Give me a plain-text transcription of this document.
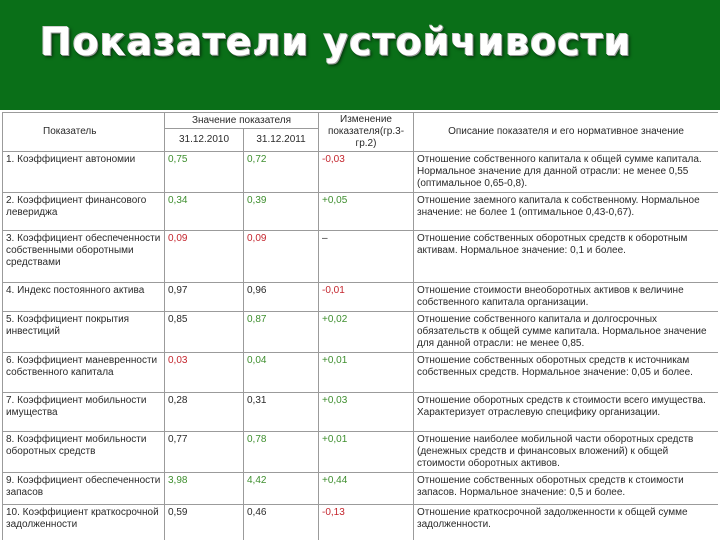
Показатели устойчивости
Показатель	Значение показателя		Изменение показателя(гр.3-гр.2)	Описание показателя и его нормативное значение
	31.12.2010	31.12.2011		
1. Коэффициент автономии	0,75	0,72	-0,03	Отношение собственного капитала к общей сумме капитала. Нормальное значение для данной отрасли: не менее 0,55 (оптимальное 0,65-0,8).
2. Коэффициент финансового левериджа	0,34	0,39	+0,05	Отношение заемного капитала к собственному. Нормальное значение: не более 1 (оптимальное 0,43-0,67).
3. Коэффициент обеспеченности собственными оборотными средствами	0,09	0,09	–	Отношение собственных оборотных средств к оборотным активам. Нормальное значение: 0,1 и более.
4. Индекс постоянного актива	0,97	0,96	-0,01	Отношение стоимости внеоборотных активов к величине собственного капитала организации.
5. Коэффициент покрытия инвестиций	0,85	0,87	+0,02	Отношение собственного капитала и долгосрочных обязательств к общей сумме капитала. Нормальное значение для данной отрасли: не менее 0,85.
6. Коэффициент маневренности собственного капитала	0,03	0,04	+0,01	Отношение собственных оборотных средств к источникам собственных средств. Нормальное значение: 0,05 и более.
7. Коэффициент мобильности имущества	0,28	0,31	+0,03	Отношение оборотных средств к стоимости всего имущества. Характеризует отраслевую специфику организации.
8. Коэффициент мобильности оборотных средств	0,77	0,78	+0,01	Отношение наиболее мобильной части оборотных средств (денежных средств и финансовых вложений) к общей стоимости оборотных активов.
9. Коэффициент обеспеченности запасов	3,98	4,42	+0,44	Отношение собственных оборотных средств к стоимости запасов. Нормальное значение: 0,5 и более.
10. Коэффициент краткосрочной задолженности	0,59	0,46	-0,13	Отношение краткосрочной задолженности к общей сумме задолженности.
